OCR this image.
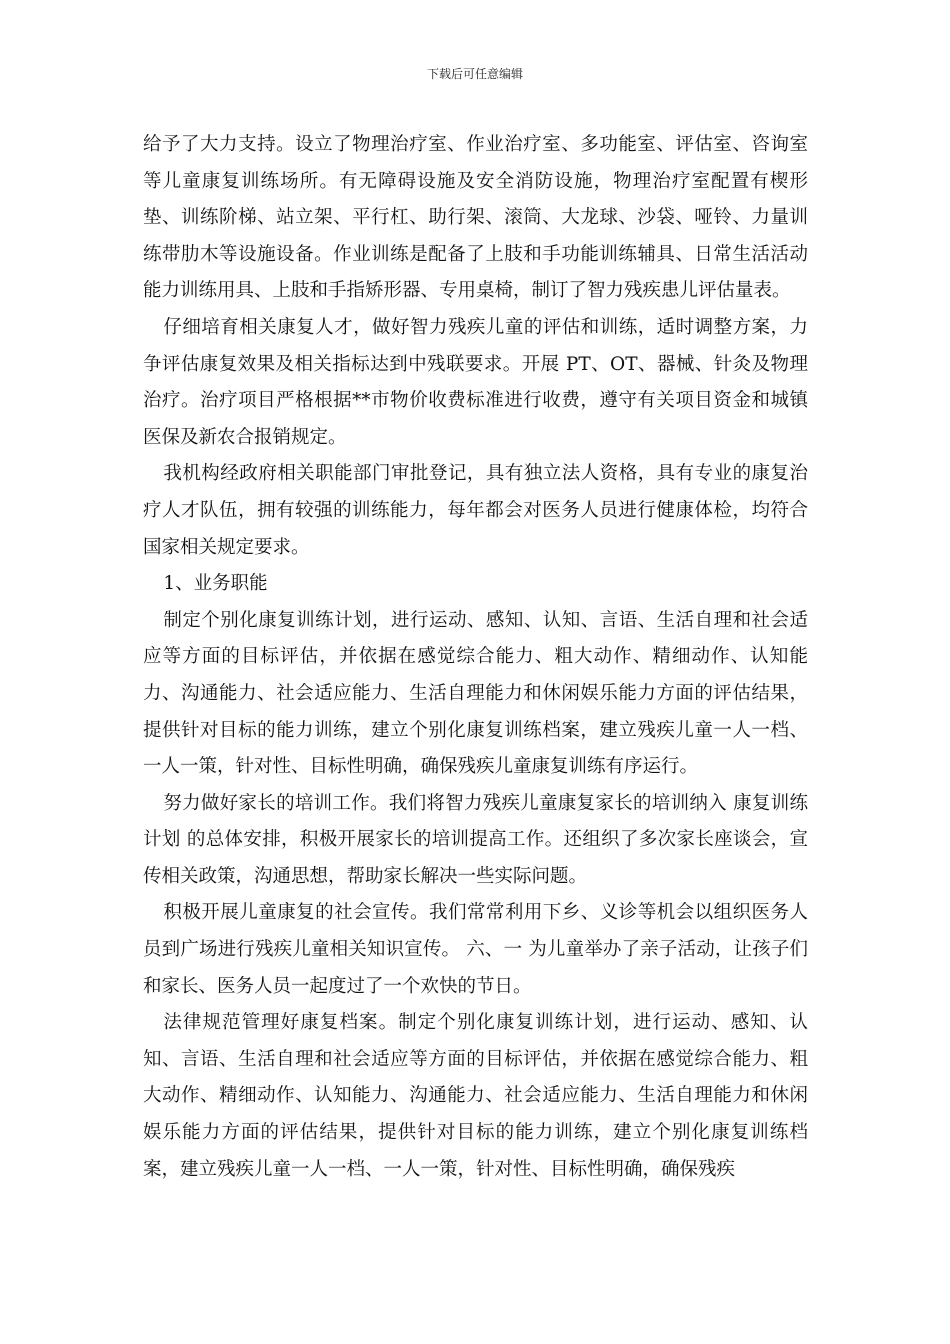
下载后可任意编辑

给予了大力支持。设立了物理治疗室、作业治疗室、多功能室、评估室、咨询室等儿童康复训练场所。有无障碍设施及安全消防设施，物理治疗室配置有楔形垫、训练阶梯、站立架、平行杠、助行架、滚筒、大龙球、沙袋、哑铃、力量训练带肋木等设施设备。作业训练是配备了上肢和手功能训练辅具、日常生活活动能力训练用具、上肢和手指矫形器、专用桌椅，制订了智力残疾患儿评估量表。

仔细培育相关康复人才，做好智力残疾儿童的评估和训练，适时调整方案，力争评估康复效果及相关指标达到中残联要求。开展 PT、OT、器械、针灸及物理治疗。治疗项目严格根据**市物价收费标准进行收费，遵守有关项目资金和城镇医保及新农合报销规定。

我机构经政府相关职能部门审批登记，具有独立法人资格，具有专业的康复治疗人才队伍，拥有较强的训练能力，每年都会对医务人员进行健康体检，均符合国家相关规定要求。

1、业务职能

制定个别化康复训练计划，进行运动、感知、认知、言语、生活自理和社会适应等方面的目标评估，并依据在感觉综合能力、粗大动作、精细动作、认知能力、沟通能力、社会适应能力、生活自理能力和休闲娱乐能力方面的评估结果，提供针对目标的能力训练，建立个别化康复训练档案，建立残疾儿童一人一档、一人一策，针对性、目标性明确，确保残疾儿童康复训练有序运行。

努力做好家长的培训工作。我们将智力残疾儿童康复家长的培训纳入 康复训练计划 的总体安排，积极开展家长的培训提高工作。还组织了多次家长座谈会，宣传相关政策，沟通思想，帮助家长解决一些实际问题。

积极开展儿童康复的社会宣传。我们常常利用下乡、义诊等机会以组织医务人员到广场进行残疾儿童相关知识宣传。 六、一 为儿童举办了亲子活动，让孩子们和家长、医务人员一起度过了一个欢快的节日。

法律规范管理好康复档案。制定个别化康复训练计划，进行运动、感知、认知、言语、生活自理和社会适应等方面的目标评估，并依据在感觉综合能力、粗大动作、精细动作、认知能力、沟通能力、社会适应能力、生活自理能力和休闲娱乐能力方面的评估结果，提供针对目标的能力训练，建立个别化康复训练档案，建立残疾儿童一人一档、一人一策，针对性、目标性明确，确保残疾
